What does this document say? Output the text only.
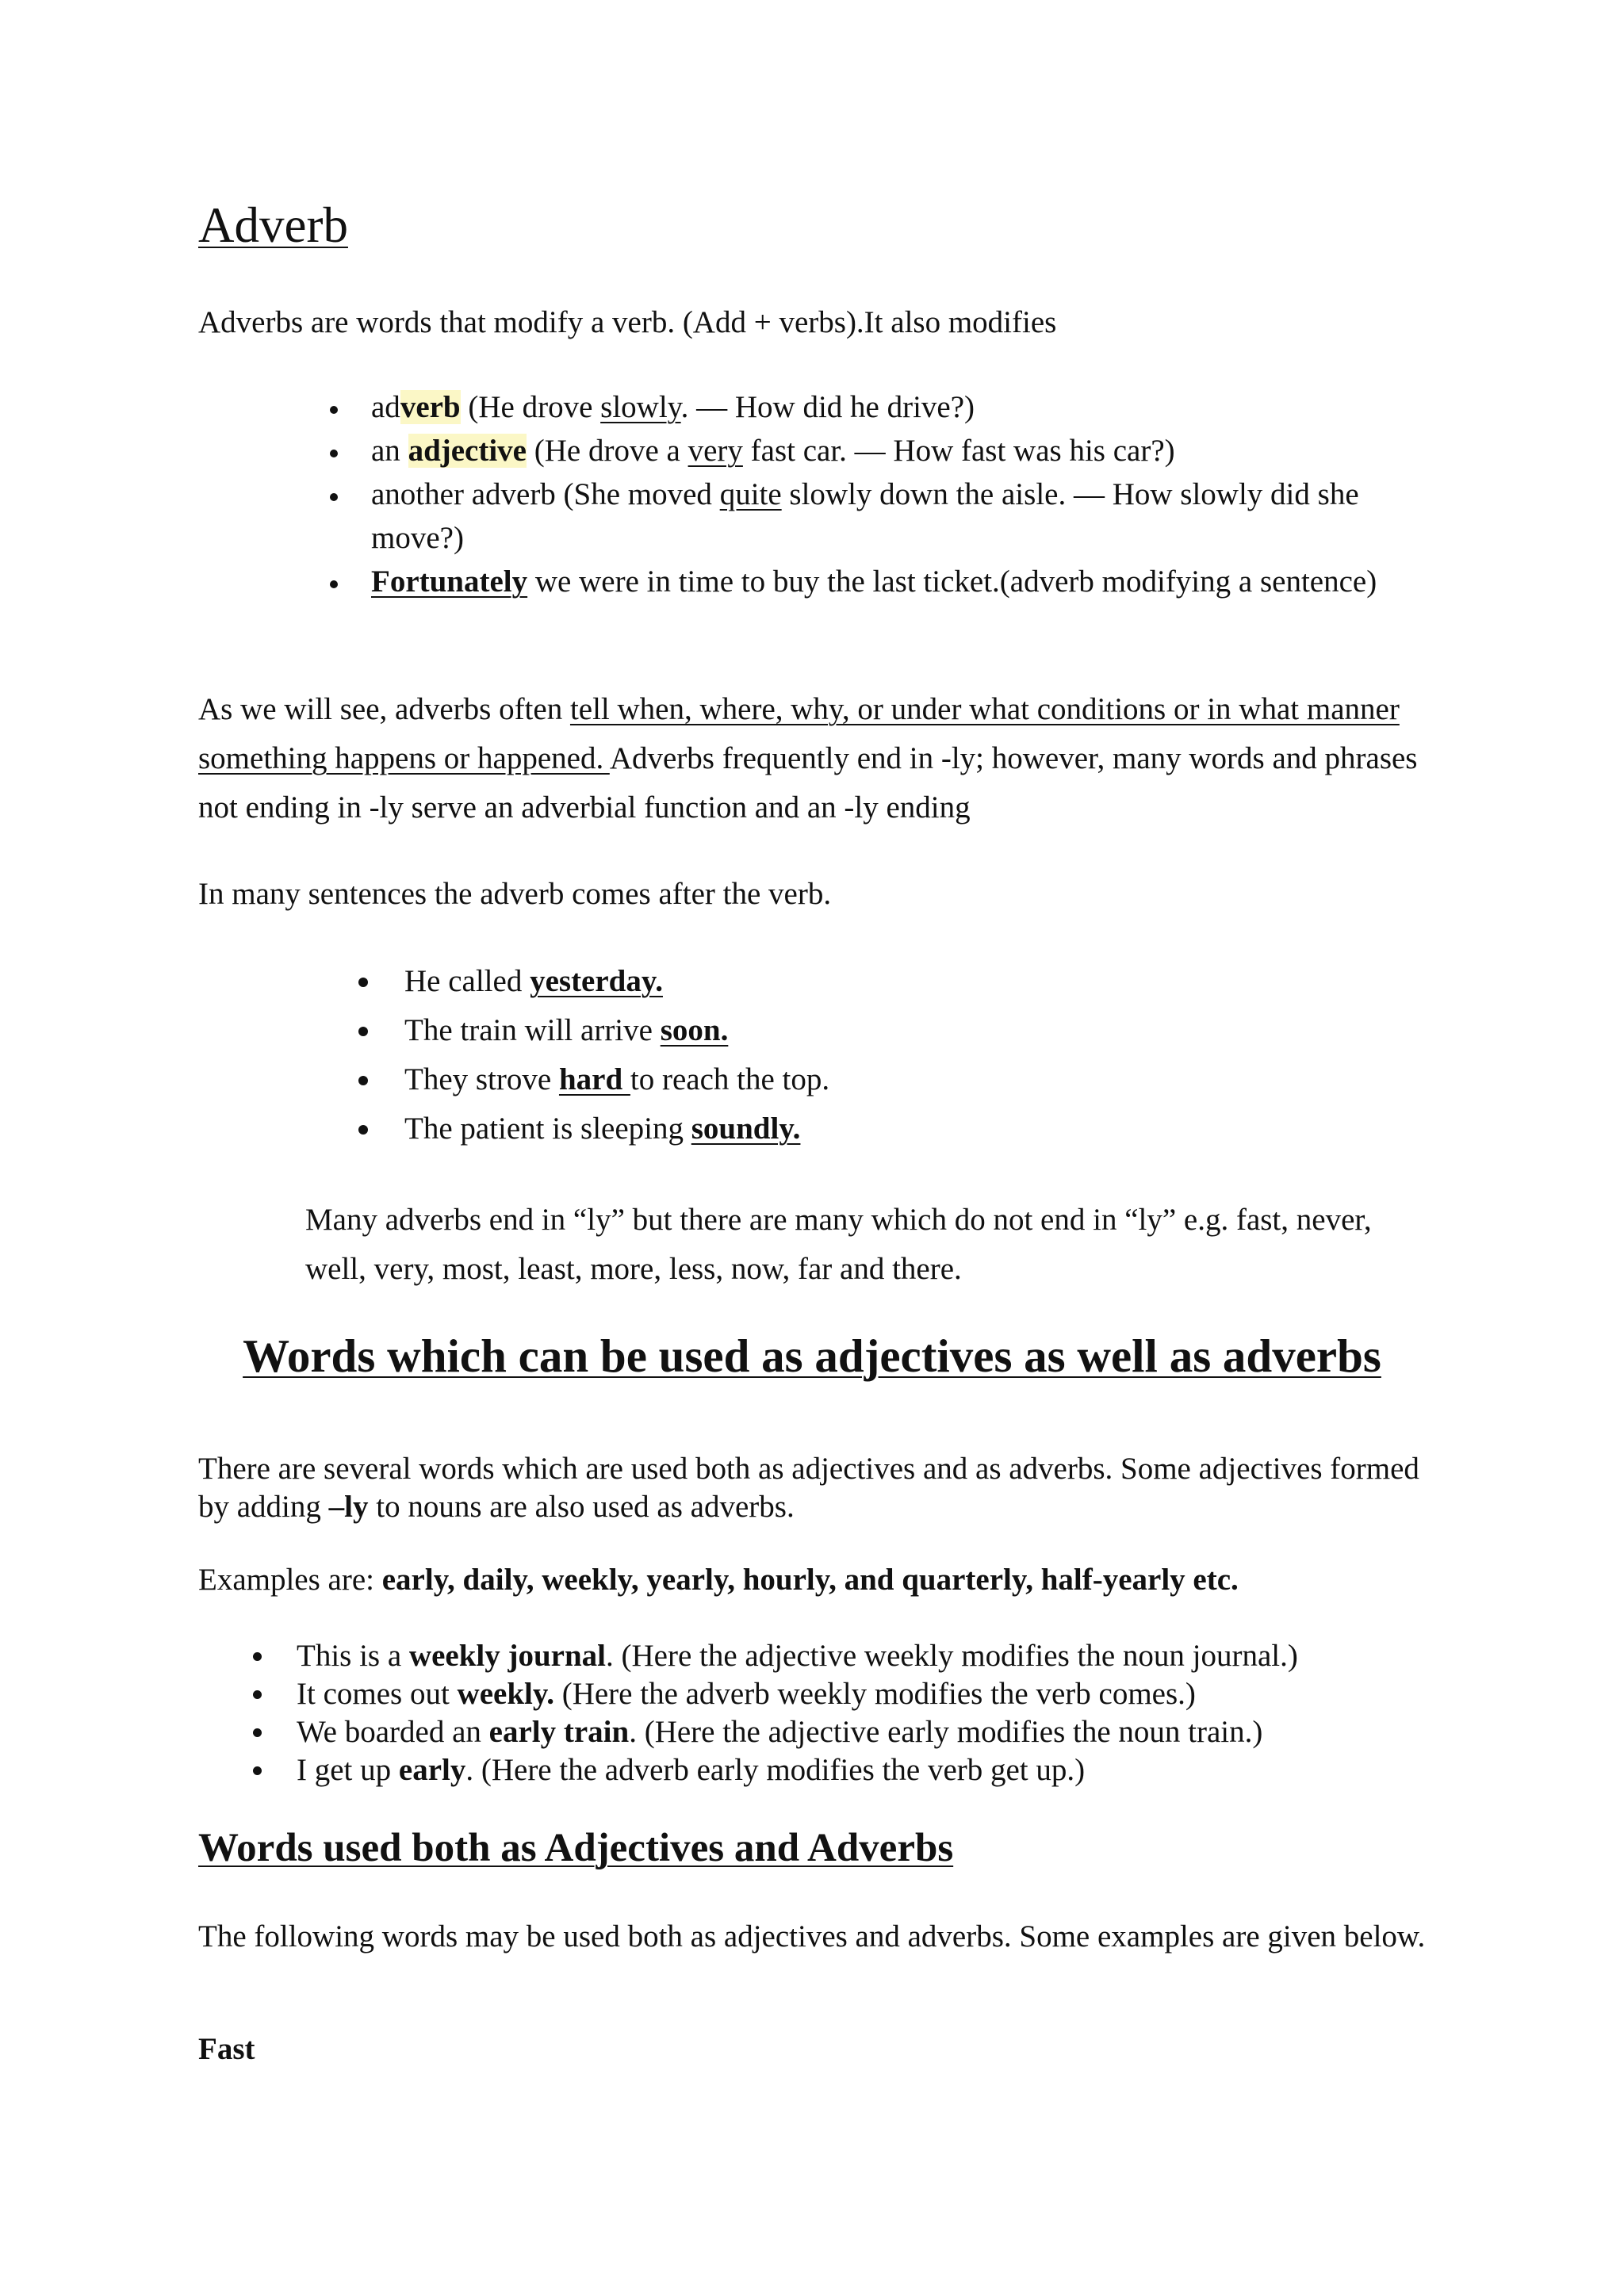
Adverb

Adverbs are words that modify a verb. (Add + verbs).It also modifies

adverb (He drove slowly. — How did he drive?)
an adjective (He drove a very fast car. — How fast was his car?)
another adverb (She moved quite slowly down the aisle. — How slowly did she move?)
Fortunately we were in time to buy the last ticket.(adverb modifying a sentence)

As we will see, adverbs often tell when, where, why, or under what conditions or in what manner something happens or happened. Adverbs frequently end in -ly; however, many words and phrases not ending in -ly serve an adverbial function and an -ly ending

In many sentences the adverb comes after the verb.

He called yesterday.
The train will arrive soon.
They strove hard to reach the top.
The patient is sleeping soundly.

Many adverbs end in “ly” but there are many which do not end in “ly” e.g. fast, never, well, very, most, least, more, less, now, far and there.

Words which can be used as adjectives as well as adverbs

There are several words which are used both as adjectives and as adverbs. Some adjectives formed by adding –ly to nouns are also used as adverbs.

Examples are: early, daily, weekly, yearly, hourly, and quarterly, half-yearly etc.

This is a weekly journal. (Here the adjective weekly modifies the noun journal.)
It comes out weekly. (Here the adverb weekly modifies the verb comes.)
We boarded an early train. (Here the adjective early modifies the noun train.)
I get up early. (Here the adverb early modifies the verb get up.)
Words used both as Adjectives and Adverbs

The following words may be used both as adjectives and adverbs. Some examples are given below.

Fast
